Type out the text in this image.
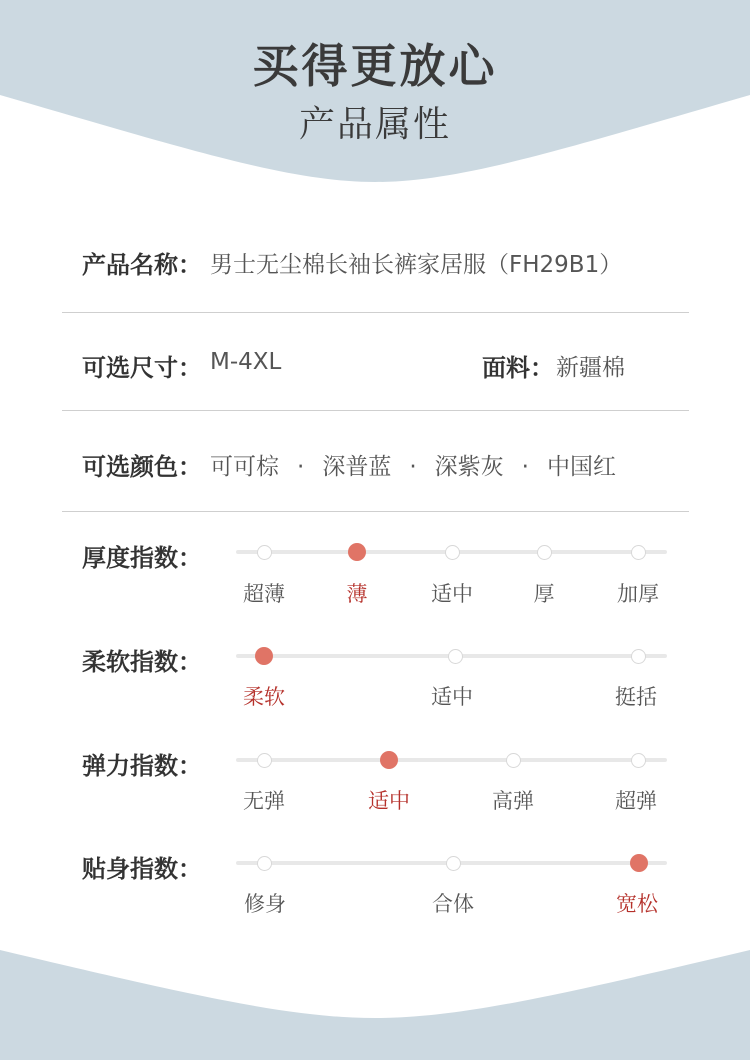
买得更放心
产品属性
产品名称： 男士无尘棉长袖长裤家居服（FH29B1）
可选尺寸： M-4XL	面料： 新疆棉
可选颜色： 可可棕 · 深普蓝 · 深紫灰 · 中国红
厚度指数：
超薄	薄	适中	厚	加厚
柔软指数：
柔软	适中	挺括
弹力指数：
无弹	适中	高弹	超弹
贴身指数：
修身	合体	宽松
